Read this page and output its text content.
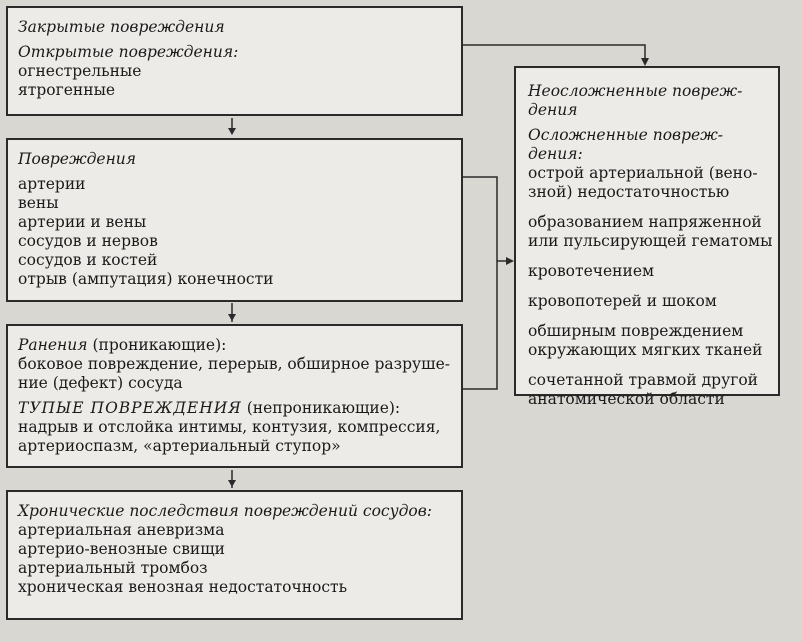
Закрытые повреждения
Открытые повреждения:
огнестрельные
ятрогенные
Повреждения
артерии
вены
артерии и вены
сосудов и нервов
сосудов и костей
отрыв (ампутация) конечности
Ранения (проникающие):
боковое повреждение, перерыв, обширное разруше-
ние (дефект) сосуда
ТУПЫЕ ПОВРЕЖДЕНИЯ (непроникающие):
надрыв и отслойка интимы, контузия, компрессия,
артериоспазм, «артериальный ступор»
Хронические последствия повреждений сосудов:
артериальная аневризма
артерио-венозные свищи
артериальный тромбоз
хроническая венозная недостаточность
Неосложненные повреж-
дения
Осложненные повреж-
дения:
острой артериальной (вено-
зной) недостаточностью
образованием напряженной
или пульсирующей гематомы
кровотечением
кровопотерей и шоком
обширным повреждением
окружающих мягких тканей
сочетанной травмой другой
анатомической области
